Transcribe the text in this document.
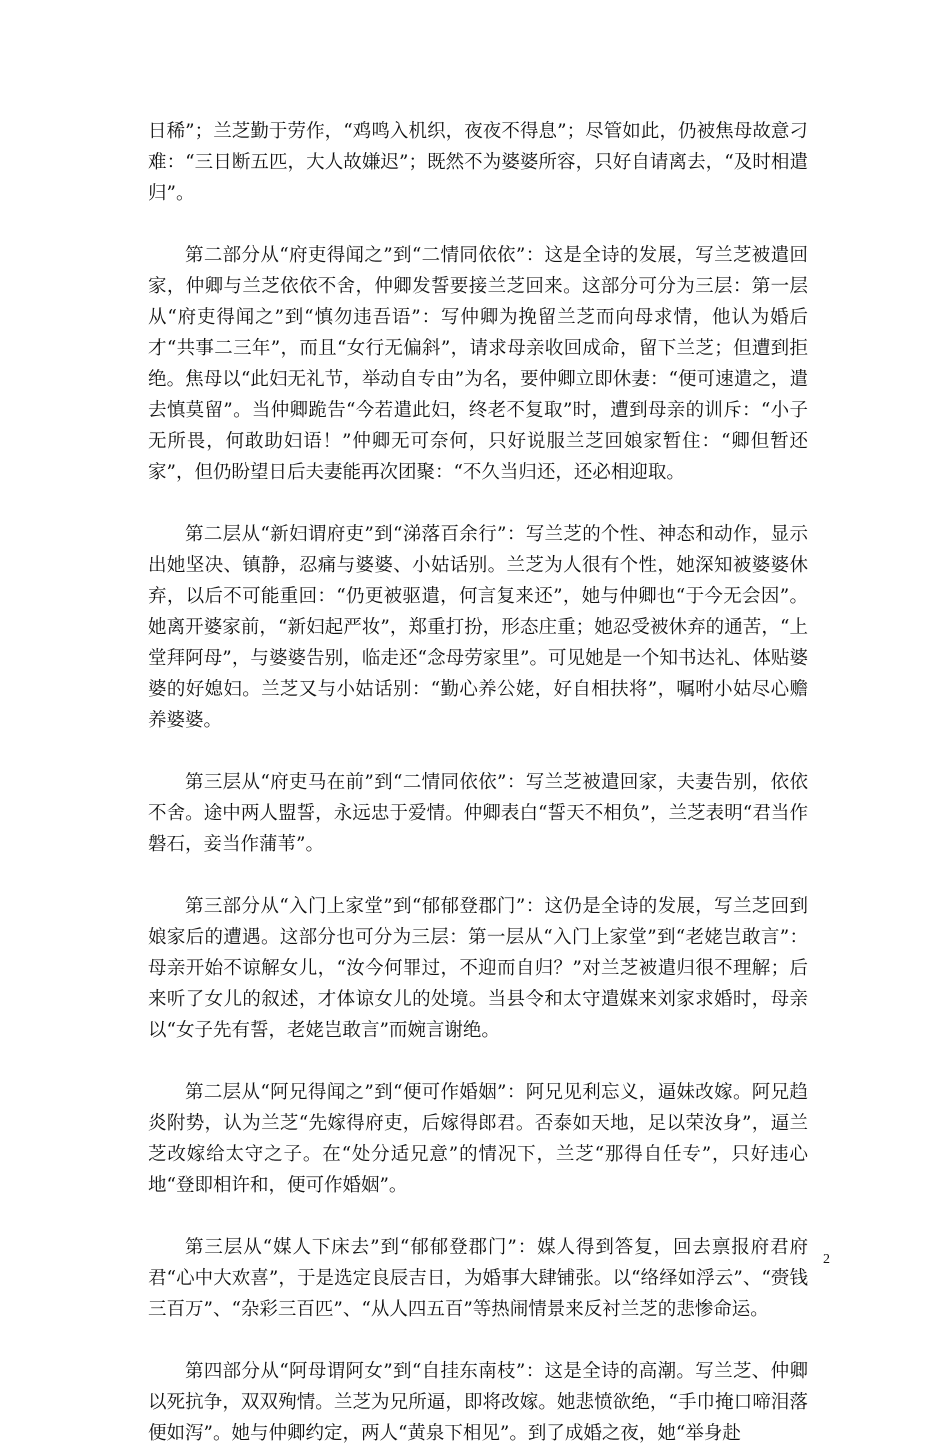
日稀”；兰芝勤于劳作，“鸡鸣入机织，夜夜不得息”；尽管如此，仍被焦母故意刁难：“三日断五匹，大人故嫌迟”；既然不为婆婆所容，只好自请离去，“及时相遣归”。

第二部分从“府吏得闻之”到“二情同依依”：这是全诗的发展，写兰芝被遣回家，仲卿与兰芝依依不舍，仲卿发誓要接兰芝回来。这部分可分为三层：第一层从“府吏得闻之”到“慎勿违吾语”：写仲卿为挽留兰芝而向母求情，他认为婚后才“共事二三年”，而且“女行无偏斜”，请求母亲收回成命，留下兰芝；但遭到拒绝。焦母以“此妇无礼节，举动自专由”为名，要仲卿立即休妻：“便可速遣之，遣去慎莫留”。当仲卿跪告“今若遣此妇，终老不复取”时，遭到母亲的训斥：“小子无所畏，何敢助妇语！”仲卿无可奈何，只好说服兰芝回娘家暂住：“卿但暂还家”，但仍盼望日后夫妻能再次团聚：“不久当归还，还必相迎取。

第二层从“新妇谓府吏”到“涕落百余行”：写兰芝的个性、神态和动作，显示出她坚决、镇静，忍痛与婆婆、小姑话别。兰芝为人很有个性，她深知被婆婆休弃，以后不可能重回：“仍更被驱遣，何言复来还”，她与仲卿也“于今无会因”。她离开婆家前，“新妇起严妆”，郑重打扮，形态庄重；她忍受被休弃的通苦，“上堂拜阿母”，与婆婆告别，临走还“念母劳家里”。可见她是一个知书达礼、体贴婆婆的好媳妇。兰芝又与小姑话别：“勤心养公姥，好自相扶将”，嘱咐小姑尽心赡养婆婆。

第三层从“府吏马在前”到“二情同依依”：写兰芝被遣回家，夫妻告别，依依不舍。途中两人盟誓，永远忠于爱情。仲卿表白“誓天不相负”，兰芝表明“君当作磐石，妾当作蒲苇”。

第三部分从“入门上家堂”到“郁郁登郡门”：这仍是全诗的发展，写兰芝回到娘家后的遭遇。这部分也可分为三层：第一层从“入门上家堂”到“老姥岂敢言”：母亲开始不谅解女儿，“汝今何罪过，不迎而自归？”对兰芝被遣归很不理解；后来听了女儿的叙述，才体谅女儿的处境。当县令和太守遣媒来刘家求婚时，母亲以“女子先有誓，老姥岂敢言”而婉言谢绝。

第二层从“阿兄得闻之”到“便可作婚姻”：阿兄见利忘义，逼妹改嫁。阿兄趋炎附势，认为兰芝“先嫁得府吏，后嫁得郎君。否泰如天地，足以荣汝身”，逼兰芝改嫁给太守之子。在“处分适兄意”的情况下，兰芝“那得自任专”，只好违心地“登即相许和，便可作婚姻”。

第三层从“媒人下床去”到“郁郁登郡门”：媒人得到答复，回去禀报府君府君“心中大欢喜”，于是选定良辰吉日，为婚事大肆铺张。以“络绎如浮云”、“赍钱三百万”、“杂彩三百匹”、“从人四五百”等热闹情景来反衬兰芝的悲惨命运。

第四部分从“阿母谓阿女”到“自挂东南枝”：这是全诗的高潮。写兰芝、仲卿以死抗争，双双殉情。兰芝为兄所逼，即将改嫁。她悲愤欲绝，“手巾掩口啼泪落便如泻”。她与仲卿约定，两人“黄泉下相见”。到了成婚之夜，她“举身赴

2
